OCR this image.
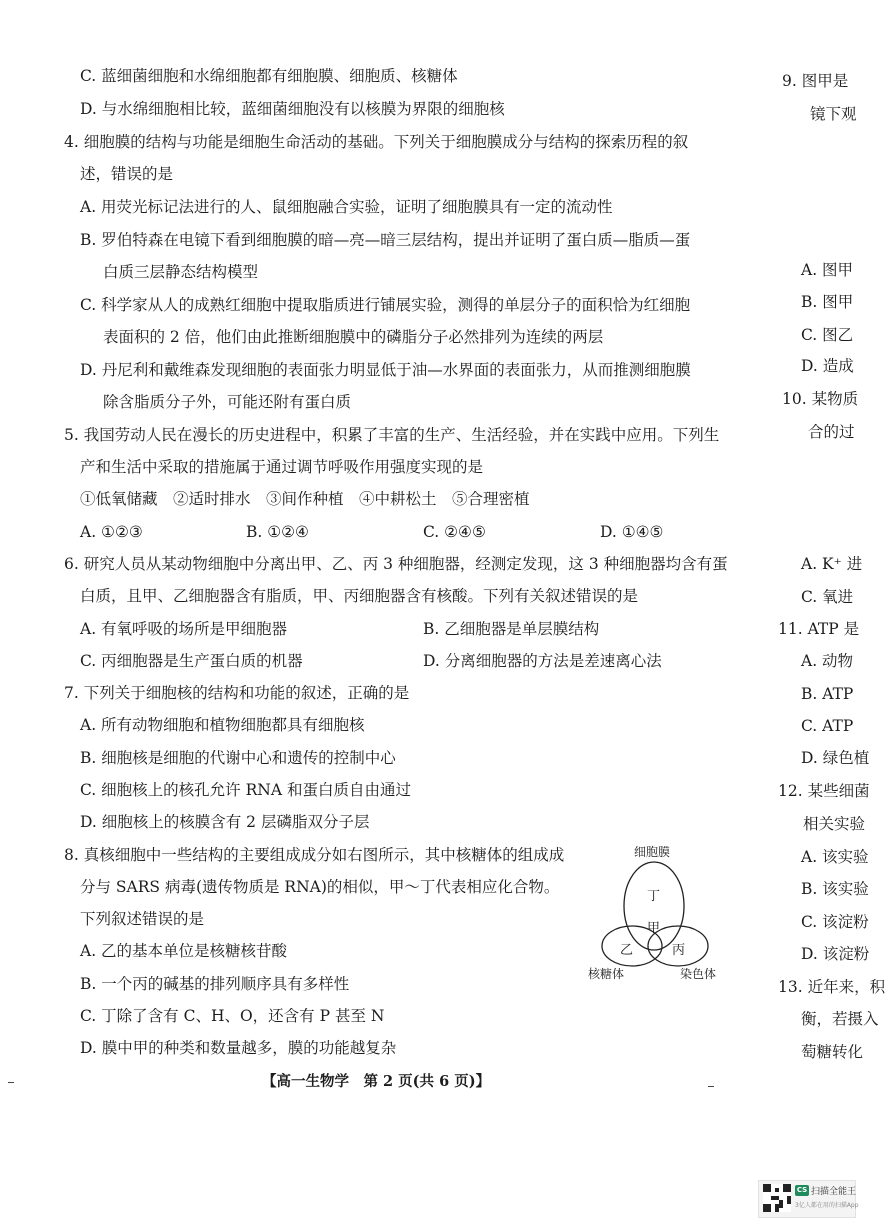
C. 蓝细菌细胞和水绵细胞都有细胞膜、细胞质、核糖体
D. 与水绵细胞相比较，蓝细菌细胞没有以核膜为界限的细胞核
4. 细胞膜的结构与功能是细胞生命活动的基础。下列关于细胞膜成分与结构的探索历程的叙
述，错误的是
A. 用荧光标记法进行的人、鼠细胞融合实验，证明了细胞膜具有一定的流动性
B. 罗伯特森在电镜下看到细胞膜的暗—亮—暗三层结构，提出并证明了蛋白质—脂质—蛋
白质三层静态结构模型
C. 科学家从人的成熟红细胞中提取脂质进行铺展实验，测得的单层分子的面积恰为红细胞
表面积的 2 倍，他们由此推断细胞膜中的磷脂分子必然排列为连续的两层
D. 丹尼利和戴维森发现细胞的表面张力明显低于油—水界面的表面张力，从而推测细胞膜
除含脂质分子外，可能还附有蛋白质
5. 我国劳动人民在漫长的历史进程中，积累了丰富的生产、生活经验，并在实践中应用。下列生
产和生活中采取的措施属于通过调节呼吸作用强度实现的是
①低氧储藏　②适时排水　③间作种植　④中耕松土　⑤合理密植
A. ①②③	B. ①②④	C. ②④⑤	D. ①④⑤
6. 研究人员从某动物细胞中分离出甲、乙、丙 3 种细胞器，经测定发现，这 3 种细胞器均含有蛋
白质，且甲、乙细胞器含有脂质，甲、丙细胞器含有核酸。下列有关叙述错误的是
A. 有氧呼吸的场所是甲细胞器	B. 乙细胞器是单层膜结构
C. 丙细胞器是生产蛋白质的机器	D. 分离细胞器的方法是差速离心法
7. 下列关于细胞核的结构和功能的叙述，正确的是
A. 所有动物细胞和植物细胞都具有细胞核
B. 细胞核是细胞的代谢中心和遗传的控制中心
C. 细胞核上的核孔允许 RNA 和蛋白质自由通过
D. 细胞核上的核膜含有 2 层磷脂双分子层
8. 真核细胞中一些结构的主要组成成分如右图所示，其中核糖体的组成成
分与 SARS 病毒(遗传物质是 RNA)的相似，甲～丁代表相应化合物。
下列叙述错误的是
A. 乙的基本单位是核糖核苷酸
B. 一个丙的碱基的排列顺序具有多样性
C. 丁除了含有 C、H、O，还含有 P 甚至 N
D. 膜中甲的种类和数量越多，膜的功能越复杂
细胞膜
核糖体	染色体
丁
甲
乙	丙
9. 图甲是
镜下观
A. 图甲
B. 图甲
C. 图乙
D. 造成
10. 某物质
合的过
A. K⁺ 进
C. 氧进
11. ATP 是
A. 动物
B. ATP
C. ATP
D. 绿色植
12. 某些细菌
相关实验
A. 该实验
B. 该实验
C. 该淀粉
D. 该淀粉
13. 近年来，积
衡，若摄入
萄糖转化
【高一生物学　第 2 页(共 6 页)】
CS 扫描全能王
3亿人都在用的扫描App
